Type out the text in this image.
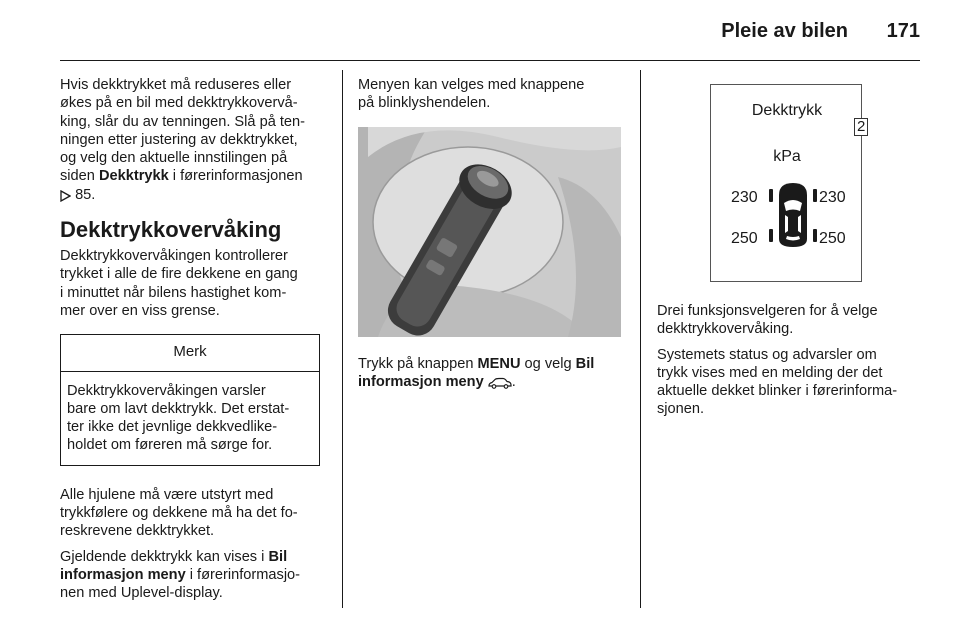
Pleie av bilen	171

Hvis dekktrykket må reduseres eller
økes på en bil med dekktrykkovervå-
king, slår du av tenningen. Slå på ten-
ningen etter justering av dekktrykket,
og velg den aktuelle innstilingen på
siden Dekktrykk i førerinformasjonen
85.

Dekktrykkovervåking

Dekktrykkovervåkingen kontrollerer
trykket i alle de fire dekkene en gang
i minuttet når bilens hastighet kom-
mer over en viss grense.

Merk
Dekktrykkovervåkingen varsler
bare om lavt dekktrykk. Det erstat-
ter ikke det jevnlige dekkvedlike-
holdet om føreren må sørge for.

Alle hjulene må være utstyrt med
trykkfølere og dekkene må ha det fo-
reskrevene dekktrykket.

Gjeldende dekktrykk kan vises i Bil
informasjon meny i førerinformasjo-
nen med Uplevel-display.

Menyen kan velges med knappene
på blinklyshendelen.

Trykk på knappen MENU og velg Bil
informasjon meny .

Dekktrykk
kPa
230	230
250	250
2

Drei funksjonsvelgeren for å velge
dekktrykkovervåking.

Systemets status og advarsler om
trykk vises med en melding der det
aktuelle dekket blinker i førerinforma-
sjonen.
